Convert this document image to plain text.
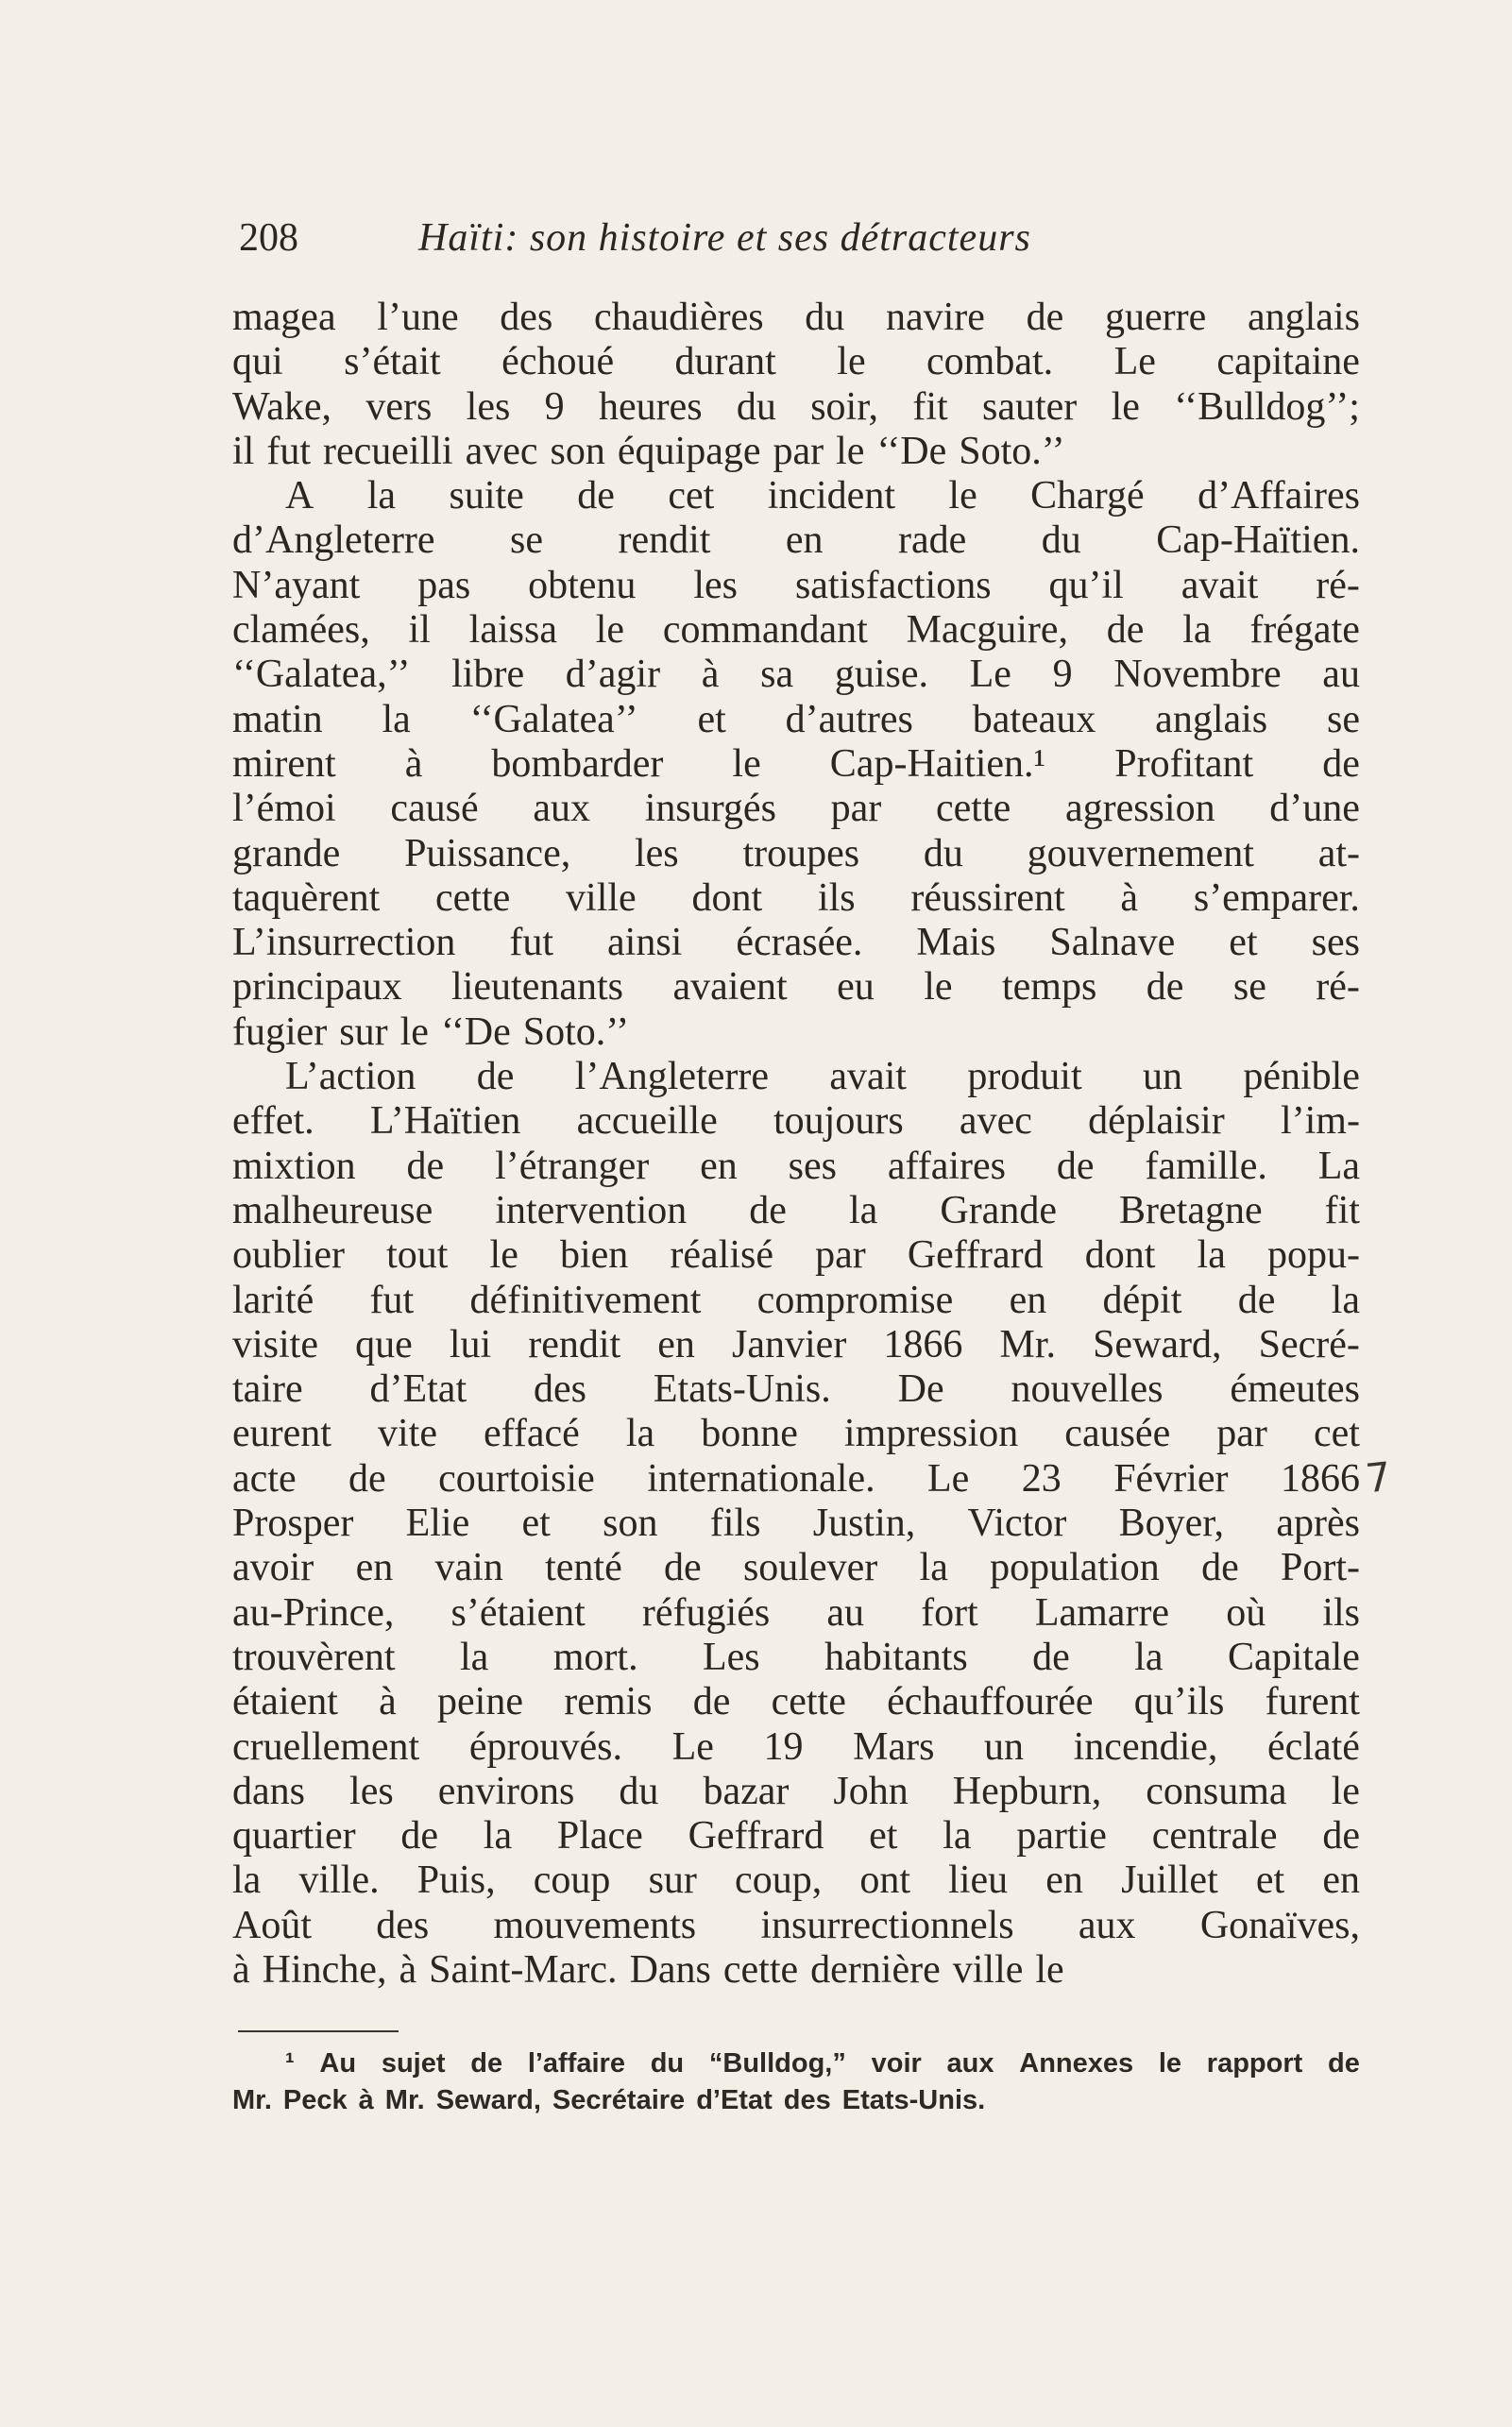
208	Haïti: son histoire et ses détracteurs
magea l’une des chaudières du navire de guerre anglais
qui s’était échoué durant le combat. Le capitaine
Wake, vers les 9 heures du soir, fit sauter le ‘‘Bulldog’’;
il fut recueilli avec son équipage par le ‘‘De Soto.’’
A la suite de cet incident le Chargé d’Affaires
d’Angleterre se rendit en rade du Cap-Haïtien.
N’ayant pas obtenu les satisfactions qu’il avait ré-
clamées, il laissa le commandant Macguire, de la frégate
‘‘Galatea,’’ libre d’agir à sa guise. Le 9 Novembre au
matin la ‘‘Galatea’’ et d’autres bateaux anglais se
mirent à bombarder le Cap-Haitien.¹ Profitant de
l’émoi causé aux insurgés par cette agression d’une
grande Puissance, les troupes du gouvernement at-
taquèrent cette ville dont ils réussirent à s’emparer.
L’insurrection fut ainsi écrasée. Mais Salnave et ses
principaux lieutenants avaient eu le temps de se ré-
fugier sur le ‘‘De Soto.’’
L’action de l’Angleterre avait produit un pénible
effet. L’Haïtien accueille toujours avec déplaisir l’im-
mixtion de l’étranger en ses affaires de famille. La
malheureuse intervention de la Grande Bretagne fit
oublier tout le bien réalisé par Geffrard dont la popu-
larité fut définitivement compromise en dépit de la
visite que lui rendit en Janvier 1866 Mr. Seward, Secré-
taire d’Etat des Etats-Unis. De nouvelles émeutes
eurent vite effacé la bonne impression causée par cet
acte de courtoisie internationale. Le 23 Février 1866
Prosper Elie et son fils Justin, Victor Boyer, après
avoir en vain tenté de soulever la population de Port-
au-Prince, s’étaient réfugiés au fort Lamarre où ils
trouvèrent la mort. Les habitants de la Capitale
étaient à peine remis de cette échauffourée qu’ils furent
cruellement éprouvés. Le 19 Mars un incendie, éclaté
dans les environs du bazar John Hepburn, consuma le
quartier de la Place Geffrard et la partie centrale de
la ville. Puis, coup sur coup, ont lieu en Juillet et en
Août des mouvements insurrectionnels aux Gonaïves,
à Hinche, à Saint-Marc. Dans cette dernière ville le
7
¹ Au sujet de l’affaire du “Bulldog,” voir aux Annexes le rapport de
Mr. Peck à Mr. Seward, Secrétaire d’Etat des Etats-Unis.
